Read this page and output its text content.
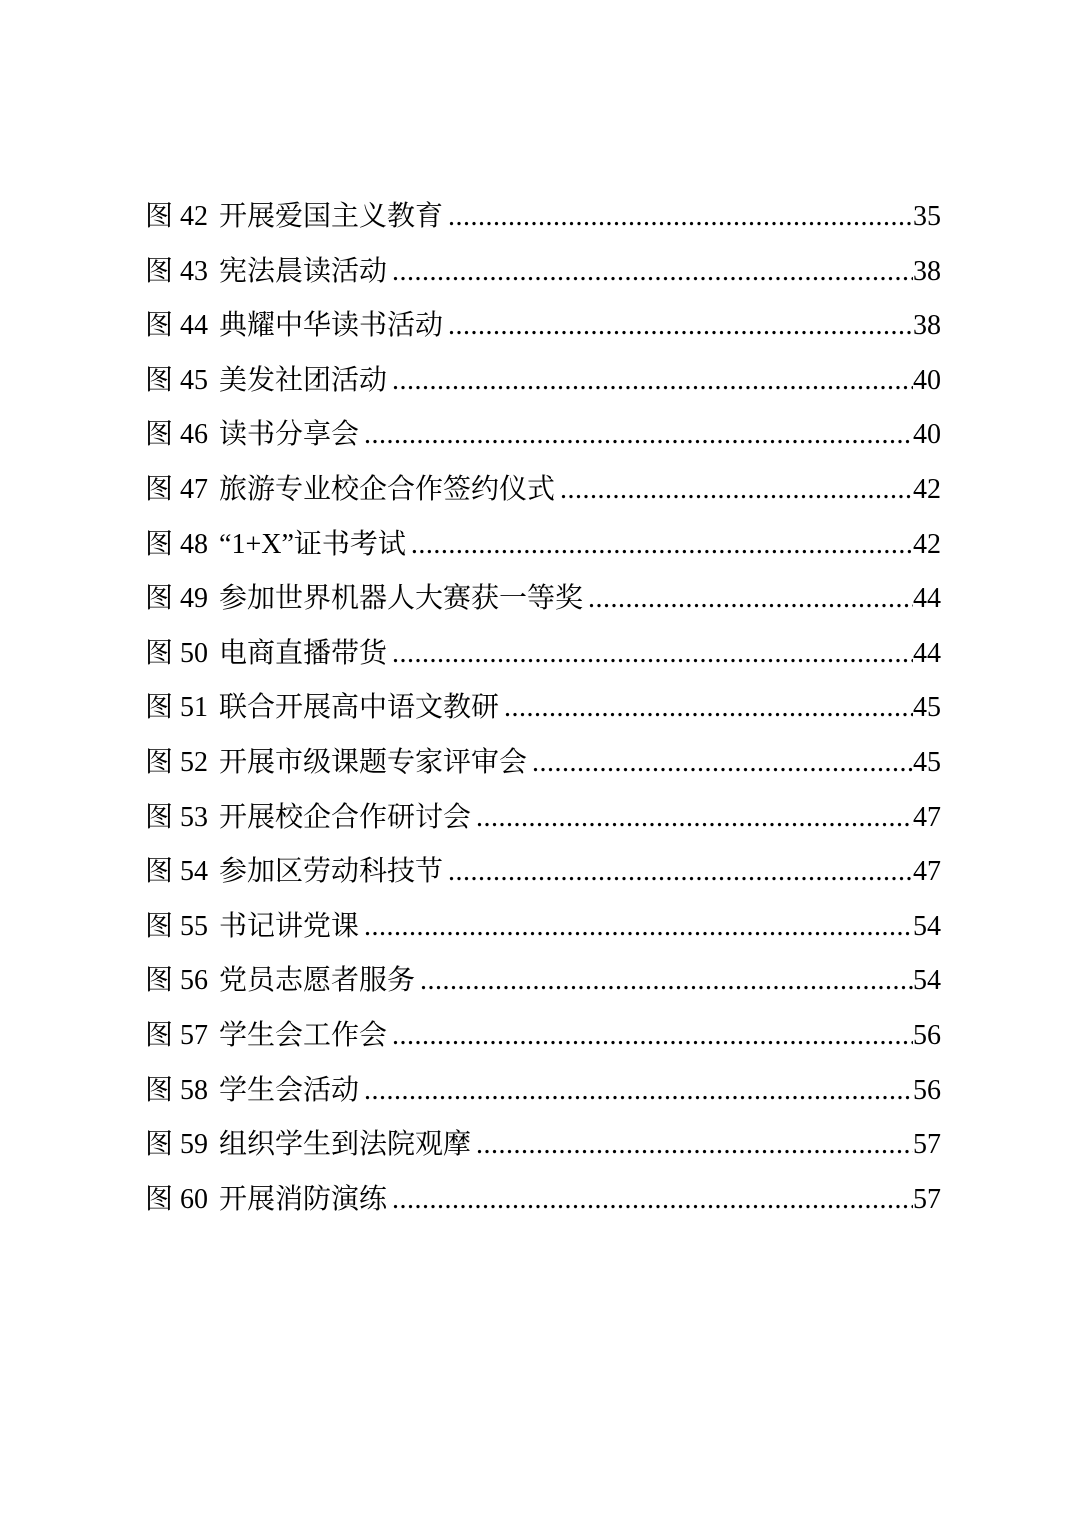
图 42 开展爱国主义教育 .....	35
图 43 宪法晨读活动 .....	38
图 44 典耀中华读书活动 .....	38
图 45 美发社团活动 .....	40
图 46 读书分享会 .....	40
图 47 旅游专业校企合作签约仪式 .....	42
图 48 “1+X”证书考试 .....	42
图 49 参加世界机器人大赛获一等奖 .....	44
图 50 电商直播带货 .....	44
图 51 联合开展高中语文教研 .....	45
图 52 开展市级课题专家评审会 .....	45
图 53 开展校企合作研讨会 .....	47
图 54 参加区劳动科技节 .....	47
图 55 书记讲党课 .....	54
图 56 党员志愿者服务 .....	54
图 57 学生会工作会 .....	56
图 58 学生会活动 .....	56
图 59 组织学生到法院观摩 .....	57
图 60 开展消防演练 .....	57
